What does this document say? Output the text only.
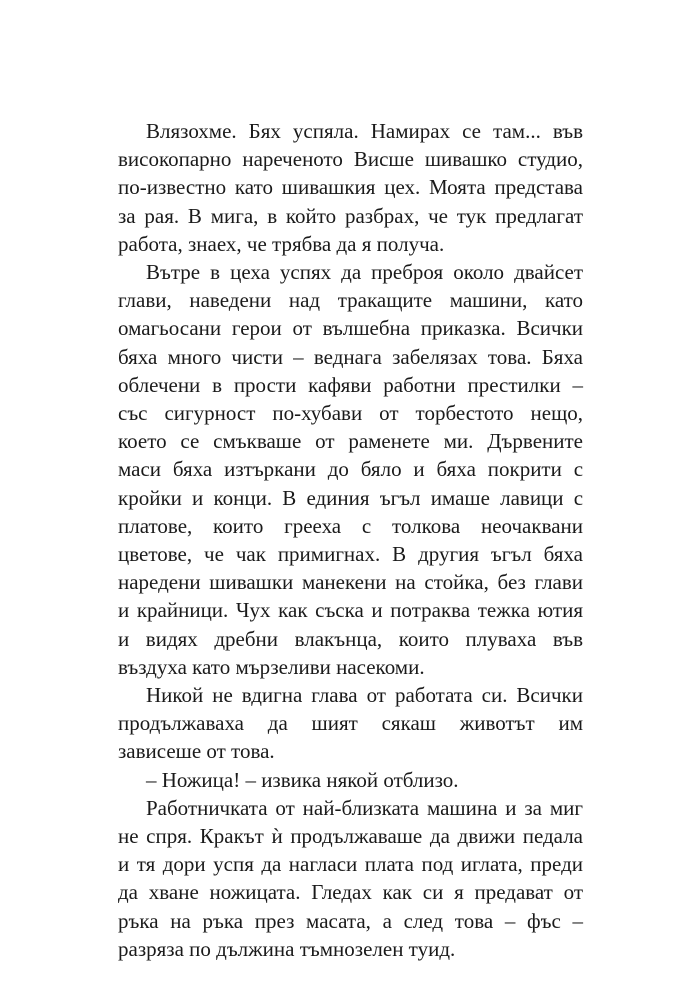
Влязохме. Бях успяла. Намирах се там... във
високопарно нареченото Висше шивашко студио,
по-известно като шивашкия цех. Моята представа
за рая. В мига, в който разбрах, че тук предлагат
работа, знаех, че трябва да я получа.
Вътре в цеха успях да преброя около двайсет
глави, наведени над тракащите машини, като
омагьосани герои от вълшебна приказка. Всички
бяха много чисти – веднага забелязах това. Бяха
облечени в прости кафяви работни престилки –
със сигурност по-хубави от торбестото нещо,
което се смъкваше от раменете ми. Дървените
маси бяха изтъркани до бяло и бяха покрити с
кройки и конци. В единия ъгъл имаше лавици с
платове, които грееха с толкова неочаквани
цветове, че чак примигнах. В другия ъгъл бяха
наредени шивашки манекени на стойка, без глави
и крайници. Чух как съска и потраква тежка ютия
и видях дребни влакънца, които плуваха във
въздуха като мързеливи насекоми.
Никой не вдигна глава от работата си. Всички
продължаваха да шият сякаш животът им
зависеше от това.
– Ножица! – извика някой отблизо.
Работничката от най-близката машина и за миг
не спря. Кракът ѝ продължаваше да движи педала
и тя дори успя да нагласи плата под иглата, преди
да хване ножицата. Гледах как си я предават от
ръка на ръка през масата, а след това – фъс –
разряза по дължина тъмнозелен туид.
